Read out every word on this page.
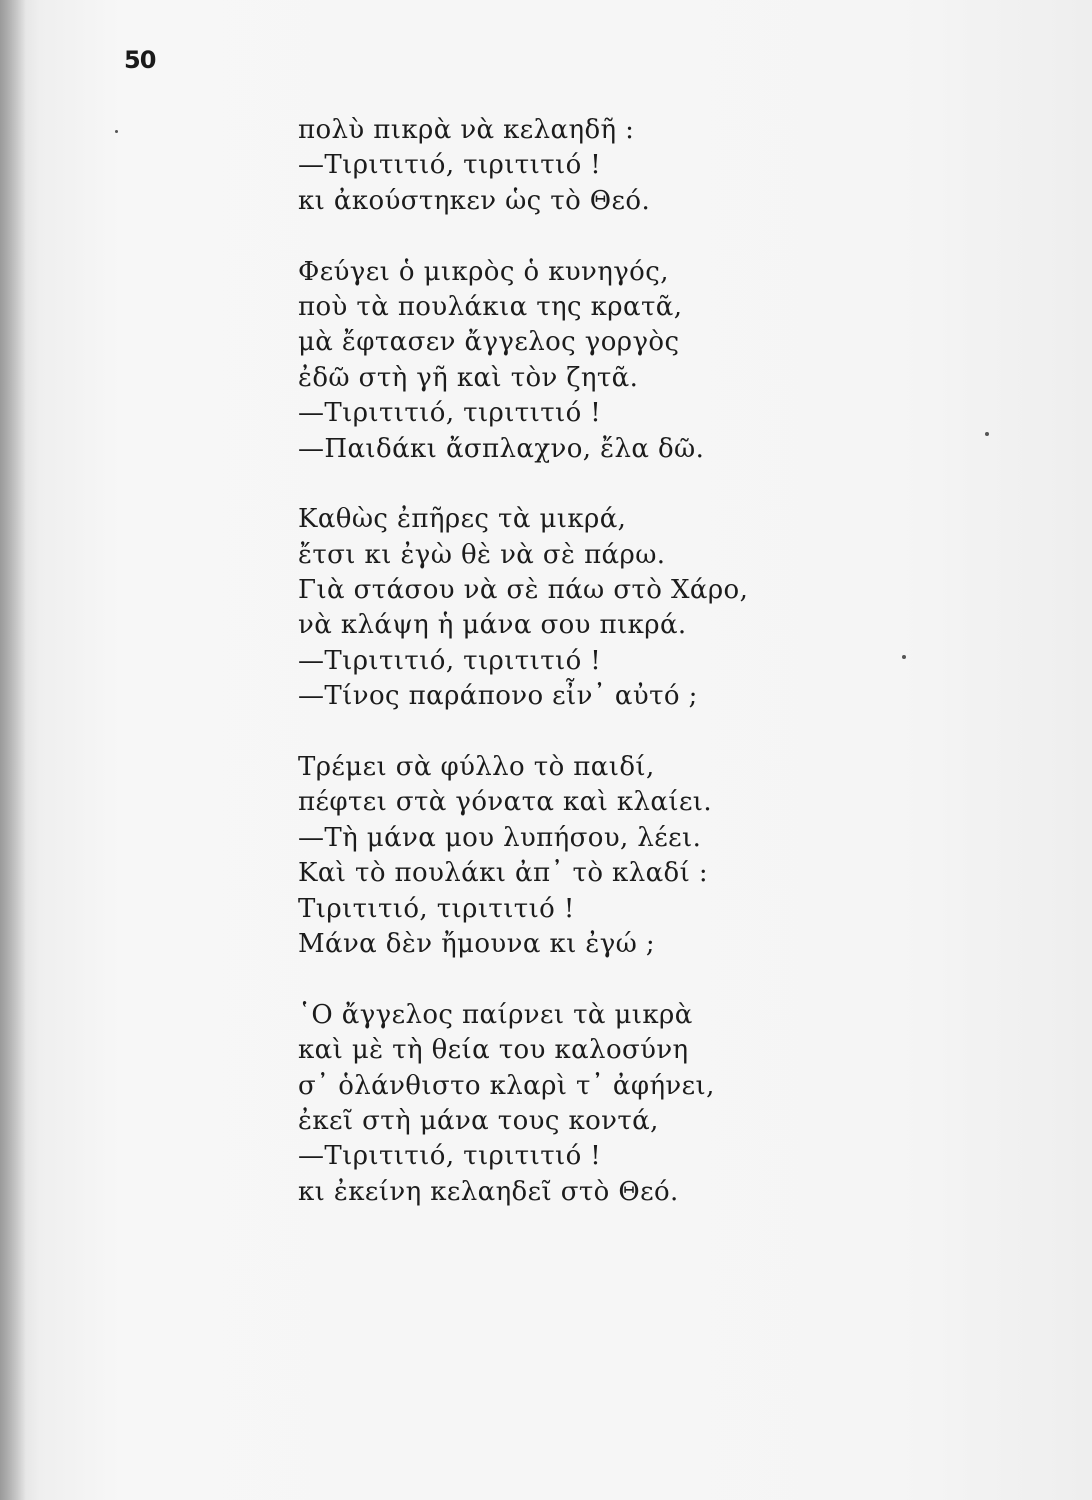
50
πολὺ πικρὰ νὰ κελαηδῆ :
—Τιριτιτιό, τιριτιτιό !
κι ἀκούστηκεν ὡς τὸ Θεό.
Φεύγει ὁ μικρὸς ὁ κυνηγός,
ποὺ τὰ πουλάκια της κρατᾶ,
μὰ ἔφτασεν ἄγγελος γοργὸς
ἐδῶ στὴ γῆ καὶ τὸν ζητᾶ.
—Τιριτιτιό, τιριτιτιό !
—Παιδάκι ἄσπλαχνο, ἔλα δῶ.
Καθὼς ἐπῆρες τὰ μικρά,
ἔτσι κι ἐγὼ θὲ νὰ σὲ πάρω.
Γιὰ στάσου νὰ σὲ πάω στὸ Χάρο,
νὰ κλάψη ἡ μάνα σου πικρά.
—Τιριτιτιό, τιριτιτιό !
—Τίνος παράπονο εἶν᾽ αὐτό ;
Τρέμει σὰ φύλλο τὸ παιδί,
πέφτει στὰ γόνατα καὶ κλαίει.
—Τὴ μάνα μου λυπήσου, λέει.
Καὶ τὸ πουλάκι ἀπ᾽ τὸ κλαδί :
Τιριτιτιό, τιριτιτιό !
Μάνα δὲν ἤμουνα κι ἐγώ ;
῾Ο ἄγγελος παίρνει τὰ μικρὰ
καὶ μὲ τὴ θεία του καλοσύνη
σ᾽ ὁλάνθιστο κλαρὶ τ᾽ ἀφήνει,
ἐκεῖ στὴ μάνα τους κοντά,
—Τιριτιτιό, τιριτιτιό !
κι ἐκείνη κελαηδεῖ στὸ Θεό.
